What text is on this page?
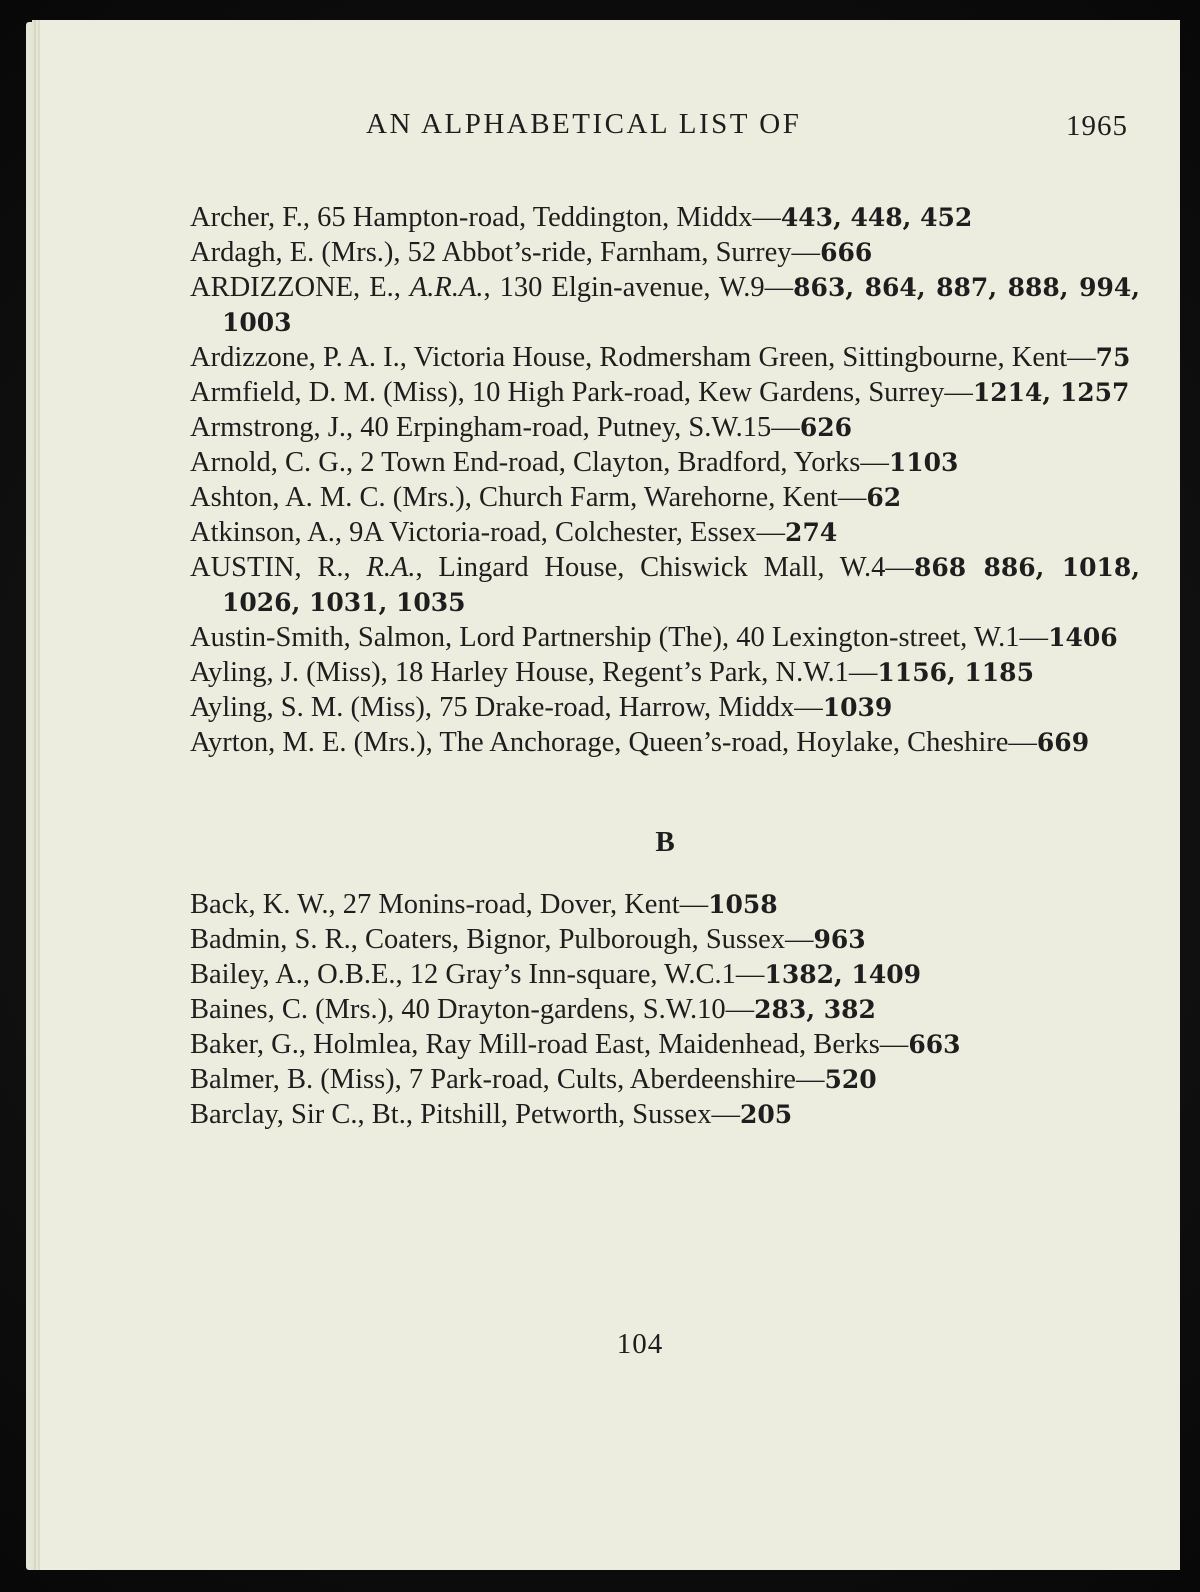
AN ALPHABETICAL LIST OF	1965

Archer, F., 65 Hampton-road, Teddington, Middx—443, 448, 452

Ardagh, E. (Mrs.), 52 Abbot’s-ride, Farnham, Surrey—666

ARDIZZONE, E., A.R.A., 130 Elgin-avenue, W.9—863, 864, 887, 888, 994, 1003

Ardizzone, P. A. I., Victoria House, Rodmersham Green, Sittingbourne, Kent—75

Armfield, D. M. (Miss), 10 High Park-road, Kew Gardens, Surrey—1214, 1257

Armstrong, J., 40 Erpingham-road, Putney, S.W.15—626

Arnold, C. G., 2 Town End-road, Clayton, Bradford, Yorks—1103

Ashton, A. M. C. (Mrs.), Church Farm, Warehorne, Kent—62

Atkinson, A., 9A Victoria-road, Colchester, Essex—274

AUSTIN, R., R.A., Lingard House, Chiswick Mall, W.4—868 886, 1018, 1026, 1031, 1035

Austin-Smith, Salmon, Lord Partnership (The), 40 Lexington-street, W.1—1406

Ayling, J. (Miss), 18 Harley House, Regent’s Park, N.W.1—1156, 1185

Ayling, S. M. (Miss), 75 Drake-road, Harrow, Middx—1039

Ayrton, M. E. (Mrs.), The Anchorage, Queen’s-road, Hoylake, Cheshire—669

B

Back, K. W., 27 Monins-road, Dover, Kent—1058

Badmin, S. R., Coaters, Bignor, Pulborough, Sussex—963

Bailey, A., O.B.E., 12 Gray’s Inn-square, W.C.1—1382, 1409

Baines, C. (Mrs.), 40 Drayton-gardens, S.W.10—283, 382

Baker, G., Holmlea, Ray Mill-road East, Maidenhead, Berks—663

Balmer, B. (Miss), 7 Park-road, Cults, Aberdeenshire—520

Barclay, Sir C., Bt., Pitshill, Petworth, Sussex—205

104
